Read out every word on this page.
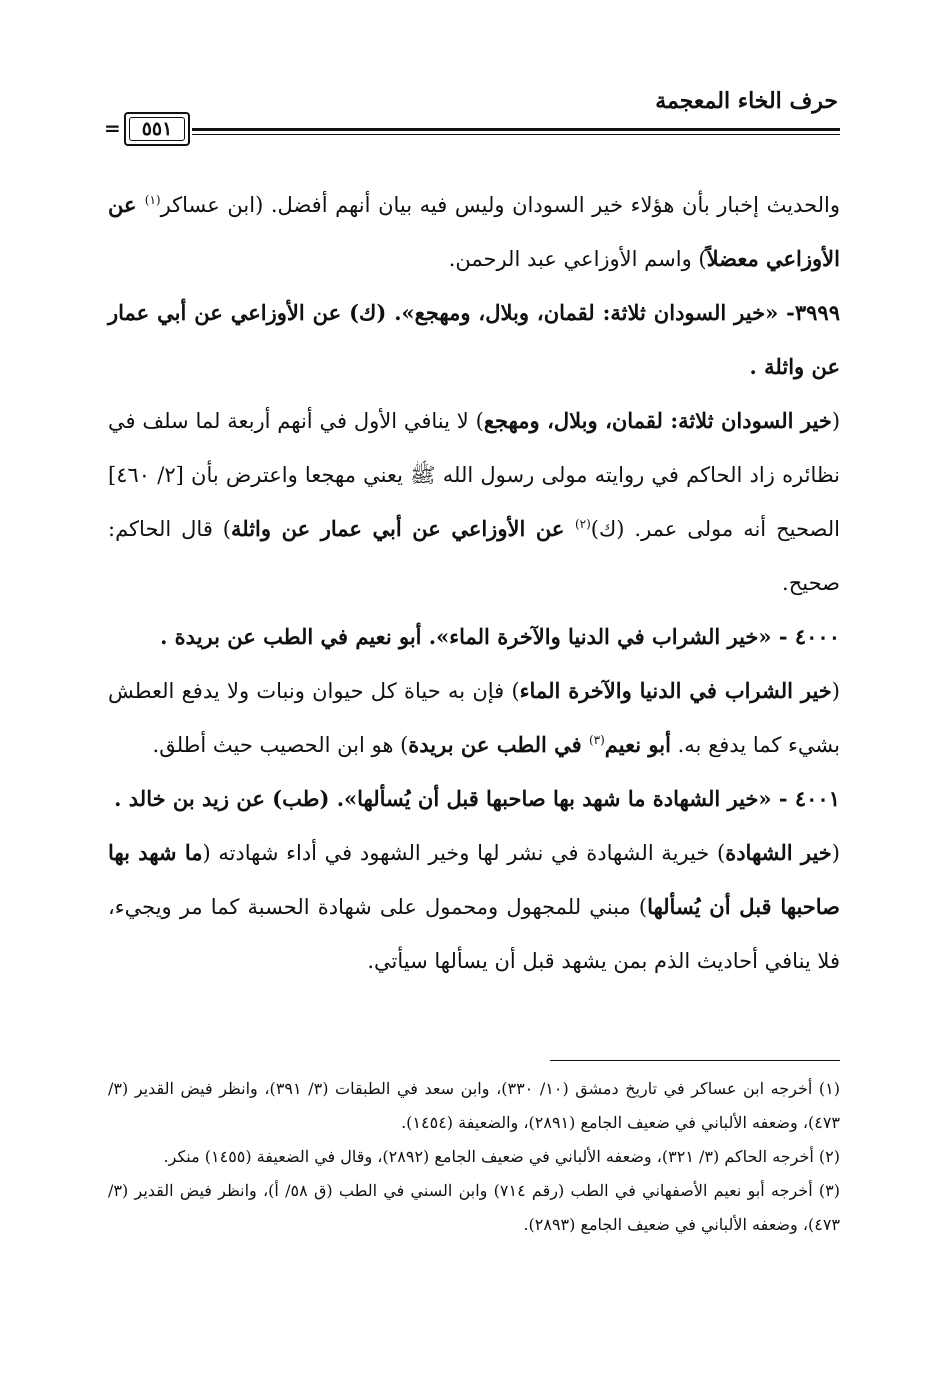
حرف الخاء المعجمة
٥٥١
=

والحديث إخبار بأن هؤلاء خير السودان وليس فيه بيان أنهم أفضل. (ابن عساكر$^{(١)}$ عن الأوزاعي معضلاً) واسم الأوزاعي عبد الرحمن.

٣٩٩٩- «خير السودان ثلاثة: لقمان، وبلال، ومهجع». (ك) عن الأوزاعي عن أبي عمار عن واثلة .

(خير السودان ثلاثة: لقمان، وبلال، ومهجع) لا ينافي الأول في أنهم أربعة لما سلف في نظائره زاد الحاكم في روايته مولى رسول الله ﷺ يعني مهجعا واعترض بأن [٢/ ٤٦٠] الصحيح أنه مولى عمر. (ك)$^{(٢)}$ عن الأوزاعي عن أبي عمار عن واثلة) قال الحاكم: صحيح.

٤٠٠٠ - «خير الشراب في الدنيا والآخرة الماء». أبو نعيم في الطب عن بريدة .

(خير الشراب في الدنيا والآخرة الماء) فإن به حياة كل حيوان ونبات ولا يدفع العطش بشيء كما يدفع به. أبو نعيم$^{(٣)}$ في الطب عن بريدة) هو ابن الحصيب حيث أطلق.

٤٠٠١ - «خير الشهادة ما شهد بها صاحبها قبل أن يُسألها». (طب) عن زيد بن خالد .

(خير الشهادة) خيرية الشهادة في نشر لها وخير الشهود في أداء شهادته (ما شهد بها صاحبها قبل أن يُسألها) مبني للمجهول ومحمول على شهادة الحسبة كما مر ويجيء، فلا ينافي أحاديث الذم بمن يشهد قبل أن يسألها سيأتي.

(١) أخرجه ابن عساكر في تاريخ دمشق (١٠/ ٣٣٠)، وابن سعد في الطبقات (٣/ ٣٩١)، وانظر فيض القدير (٣/ ٤٧٣)، وضعفه الألباني في ضعيف الجامع (٢٨٩١)، والضعيفة (١٤٥٤).

(٢) أخرجه الحاكم (٣/ ٣٢١)، وضعفه الألباني في ضعيف الجامع (٢٨٩٢)، وقال في الضعيفة (١٤٥٥) منكر.

(٣) أخرجه أبو نعيم الأصفهاني في الطب (رقم ٧١٤) وابن السني في الطب (ق ٥٨/ أ)، وانظر فيض القدير (٣/ ٤٧٣)، وضعفه الألباني في ضعيف الجامع (٢٨٩٣).
